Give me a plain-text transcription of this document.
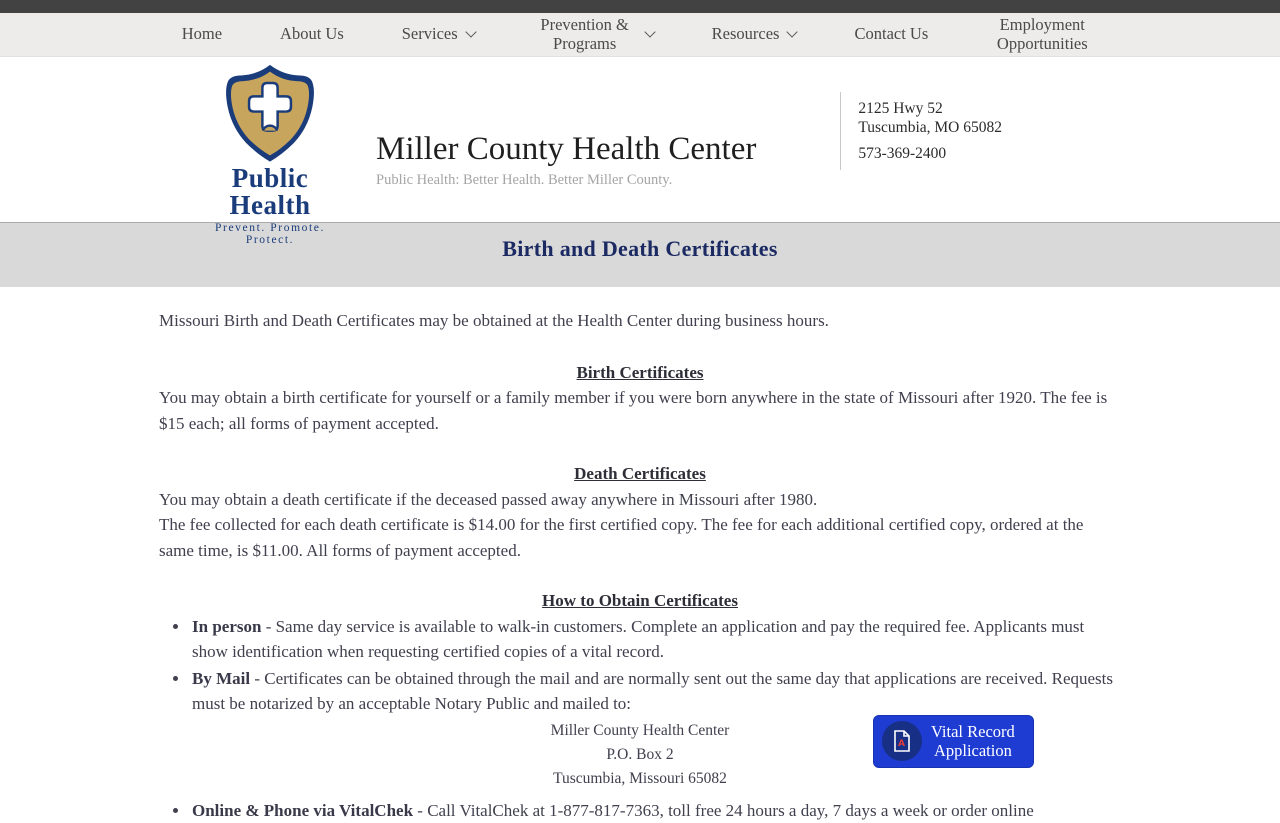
Home	About Us	Services	Prevention & Programs	Resources	Contact Us	Employment Opportunities
Public Health
Prevent. Promote. Protect.
Miller County Health Center
Public Health: Better Health. Better Miller County.
2125 Hwy 52
Tuscumbia, MO 65082
573-369-2400
Birth and Death Certificates

Missouri Birth and Death Certificates may be obtained at the Health Center during business hours.

Birth Certificates

You may obtain a birth certificate for yourself or a family member if you were born anywhere in the state of Missouri after 1920. The fee is $15 each; all forms of payment accepted.

Death Certificates

You may obtain a death certificate if the deceased passed away anywhere in Missouri after 1980.
The fee collected for each death certificate is $14.00 for the first certified copy. The fee for each additional certified copy, ordered at the same time, is $11.00. All forms of payment accepted.

How to Obtain Certificates
• In person - Same day service is available to walk-in customers. Complete an application and pay the required fee. Applicants must show identification when requesting certified copies of a vital record.
• By Mail - Certificates can be obtained through the mail and are normally sent out the same day that applications are received. Requests must be notarized by an acceptable Notary Public and mailed to:
Miller County Health Center
P.O. Box 2
Tuscumbia, Missouri 65082
A
Vital Record
Application
• Online & Phone via VitalChek - Call VitalChek at 1-877-817-7363, toll free 24 hours a day, 7 days a week or order online
